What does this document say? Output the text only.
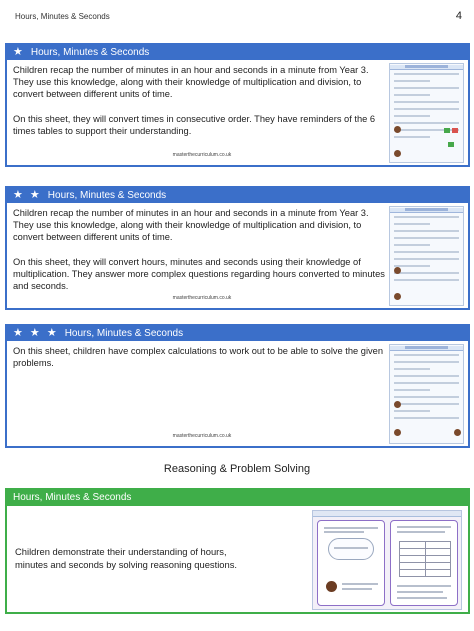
Hours, Minutes & Seconds	4
★ Hours, Minutes & Seconds

Children recap the number of minutes in an hour and seconds in a minute from Year 3. They use this knowledge, along with their knowledge of multiplication and division, to convert between different units of time.

On this sheet, they will convert times in consecutive order. They have reminders of the 6 times tables to support their understanding.

masterthecurriculum.co.uk
★ ★ Hours, Minutes & Seconds

Children recap the number of minutes in an hour and seconds in a minute from Year 3. They use this knowledge, along with their knowledge of multiplication and division, to convert between different units of time.

On this sheet, they will convert hours, minutes and seconds using their knowledge of multiplication. They answer more complex questions regarding hours converted to minutes and seconds.

masterthecurriculum.co.uk
★ ★ ★ Hours, Minutes & Seconds

On this sheet, children have complex calculations to work out to be able to solve the given problems.

masterthecurriculum.co.uk
Reasoning & Problem Solving
Hours, Minutes & Seconds
Children demonstrate their understanding of hours, minutes and seconds by solving reasoning questions.
